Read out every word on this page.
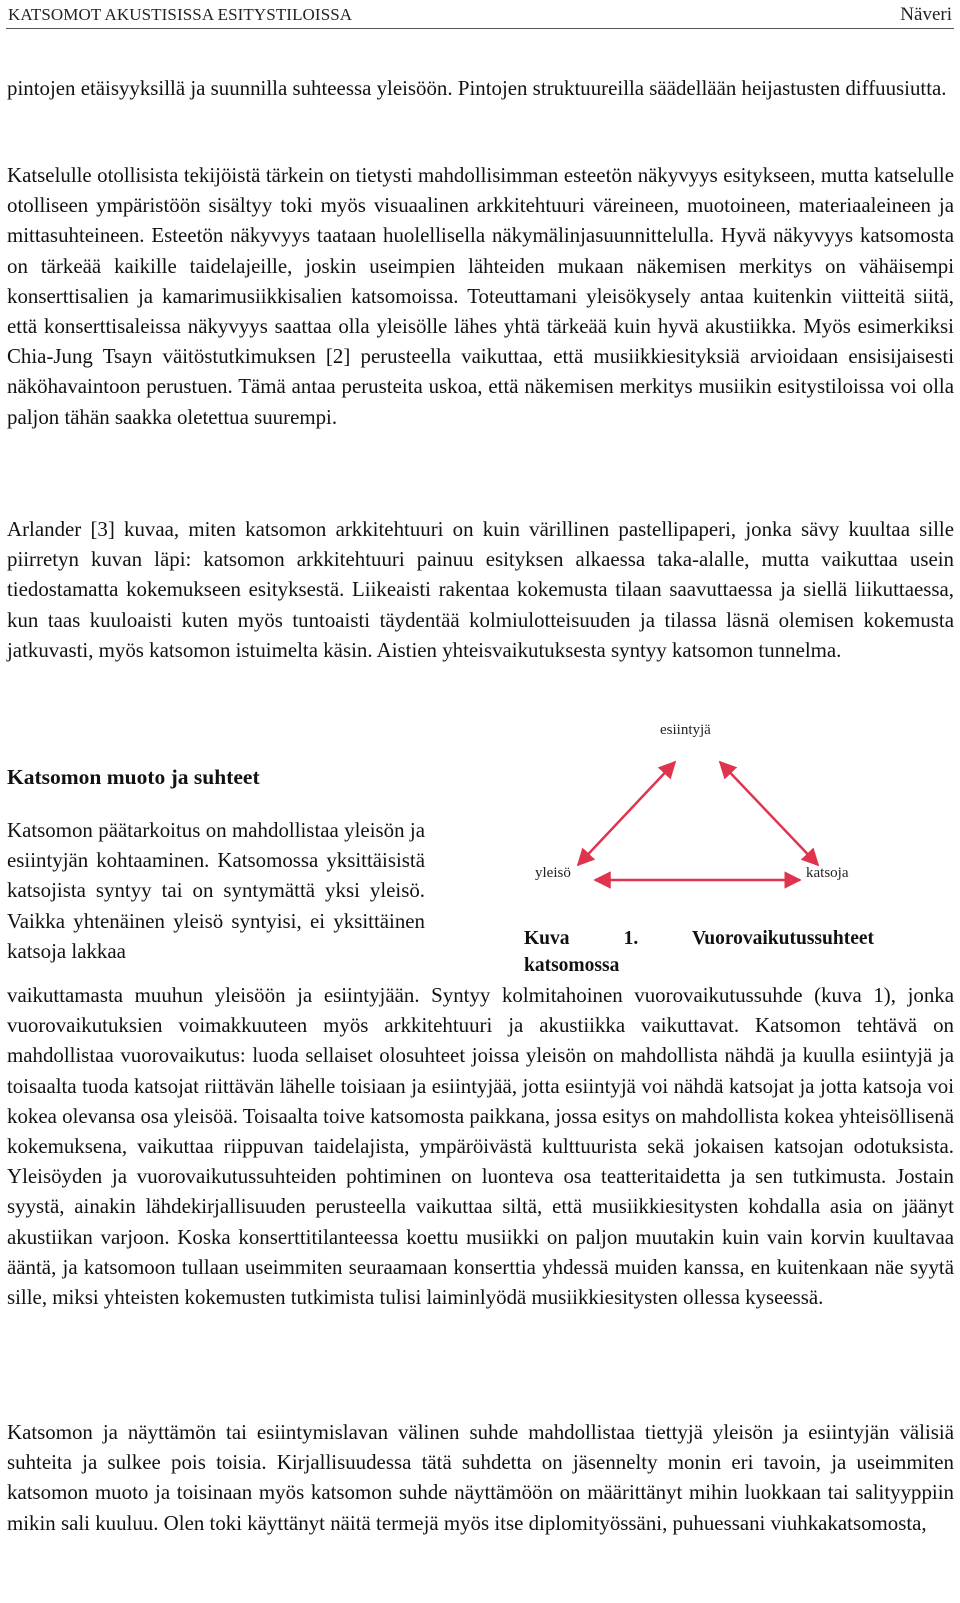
KATSOMOT AKUSTISISSA ESITYSTILOISSA	Näveri

pintojen etäisyyksillä ja suunnilla suhteessa yleisöön. Pintojen struktuureilla säädellään heijastusten diffuusiutta.

Katselulle otollisista tekijöistä tärkein on tietysti mahdollisimman esteetön näkyvyys esitykseen, mutta katselulle otolliseen ympäristöön sisältyy toki myös visuaalinen arkkitehtuuri väreineen, muotoineen, materiaaleineen ja mittasuhteineen. Esteetön näkyvyys taataan huolellisella näkymälinjasuunnittelulla. Hyvä näkyvyys katsomosta on tärkeää kaikille taidelajeille, joskin useimpien lähteiden mukaan näkemisen merkitys on vähäisempi konserttisalien ja kamarimusiikkisalien katsomoissa. Toteuttamani yleisökysely antaa kuitenkin viitteitä siitä, että konserttisaleissa näkyvyys saattaa olla yleisölle lähes yhtä tärkeää kuin hyvä akustiikka. Myös esimerkiksi Chia-Jung Tsayn väitöstutkimuksen [2] perusteella vaikuttaa, että musiikkiesityksiä arvioidaan ensisijaisesti näköhavaintoon perustuen. Tämä antaa perusteita uskoa, että näkemisen merkitys musiikin esitystiloissa voi olla paljon tähän saakka oletettua suurempi.

Arlander [3] kuvaa, miten katsomon arkkitehtuuri on kuin värillinen pastellipaperi, jonka sävy kuultaa sille piirretyn kuvan läpi: katsomon arkkitehtuuri painuu esityksen alkaessa taka-alalle, mutta vaikuttaa usein tiedostamatta kokemukseen esityksestä. Liikeaisti rakentaa kokemusta tilaan saavuttaessa ja siellä liikuttaessa, kun taas kuuloaisti kuten myös tuntoaisti täydentää kolmiulotteisuuden ja tilassa läsnä olemisen kokemusta jatkuvasti, myös katsomon istuimelta käsin. Aistien yhteisvaikutuksesta syntyy katsomon tunnelma.

Katsomon muoto ja suhteet

Katsomon päätarkoitus on mahdollistaa yleisön ja esiintyjän kohtaaminen. Katsomossa yksittäisistä katsojista syntyy tai on syntymättä yksi yleisö. Vaikka yhtenäinen yleisö syntyisi, ei yksittäinen katsoja lakkaa

esiintyjä
yleisö	katsoja
Kuva 1. Vuorovaikutussuhteet katsomossa

vaikuttamasta muuhun yleisöön ja esiintyjään. Syntyy kolmitahoinen vuorovaikutussuhde (kuva 1), jonka vuorovaikutuksien voimakkuuteen myös arkkitehtuuri ja akustiikka vaikuttavat. Katsomon tehtävä on mahdollistaa vuorovaikutus: luoda sellaiset olosuhteet joissa yleisön on mahdollista nähdä ja kuulla esiintyjä ja toisaalta tuoda katsojat riittävän lähelle toisiaan ja esiintyjää, jotta esiintyjä voi nähdä katsojat ja jotta katsoja voi kokea olevansa osa yleisöä. Toisaalta toive katsomosta paikkana, jossa esitys on mahdollista kokea yhteisöllisenä kokemuksena, vaikuttaa riippuvan taidelajista, ympäröivästä kulttuurista sekä jokaisen katsojan odotuksista. Yleisöyden ja vuorovaikutussuhteiden pohtiminen on luonteva osa teatteritaidetta ja sen tutkimusta. Jostain syystä, ainakin lähdekirjallisuuden perusteella vaikuttaa siltä, että musiikkiesitysten kohdalla asia on jäänyt akustiikan varjoon. Koska konserttitilanteessa koettu musiikki on paljon muutakin kuin vain korvin kuultavaa ääntä, ja katsomoon tullaan useimmiten seuraamaan konserttia yhdessä muiden kanssa, en kuitenkaan näe syytä sille, miksi yhteisten kokemusten tutkimista tulisi laiminlyödä musiikkiesitysten ollessa kyseessä.

Katsomon ja näyttämön tai esiintymislavan välinen suhde mahdollistaa tiettyjä yleisön ja esiintyjän välisiä suhteita ja sulkee pois toisia. Kirjallisuudessa tätä suhdetta on jäsennelty monin eri tavoin, ja useimmiten katsomon muoto ja toisinaan myös katsomon suhde näyttämöön on määrittänyt mihin luokkaan tai salityyppiin mikin sali kuuluu. Olen toki käyttänyt näitä termejä myös itse diplomityössäni, puhuessani viuhkakatsomosta,
